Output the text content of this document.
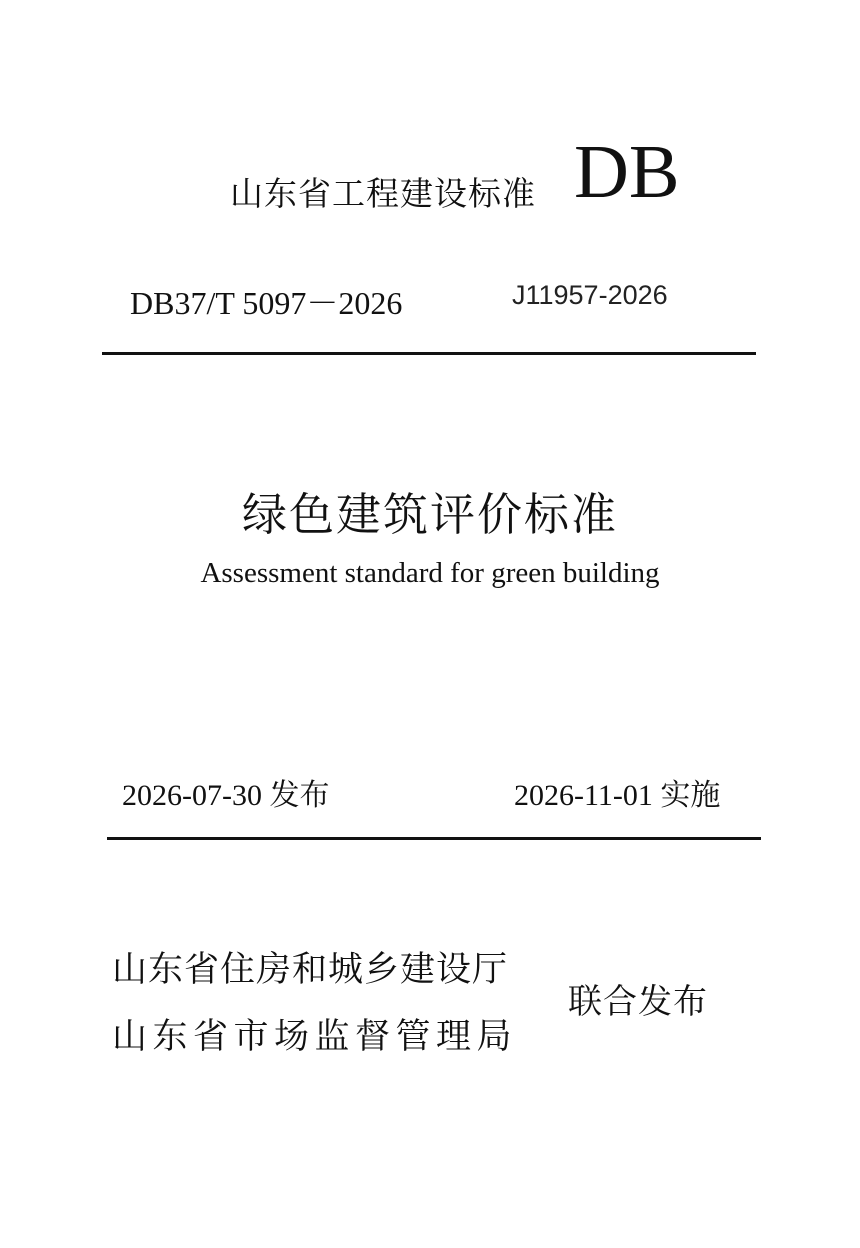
山东省工程建设标准 DB
DB37/T 5097－2026	J11957-2026
绿色建筑评价标准
Assessment standard for green building
2026-07-30 发布	2026-11-01 实施
山东省住房和城乡建设厅
山东省市场监督管理局
联合发布
